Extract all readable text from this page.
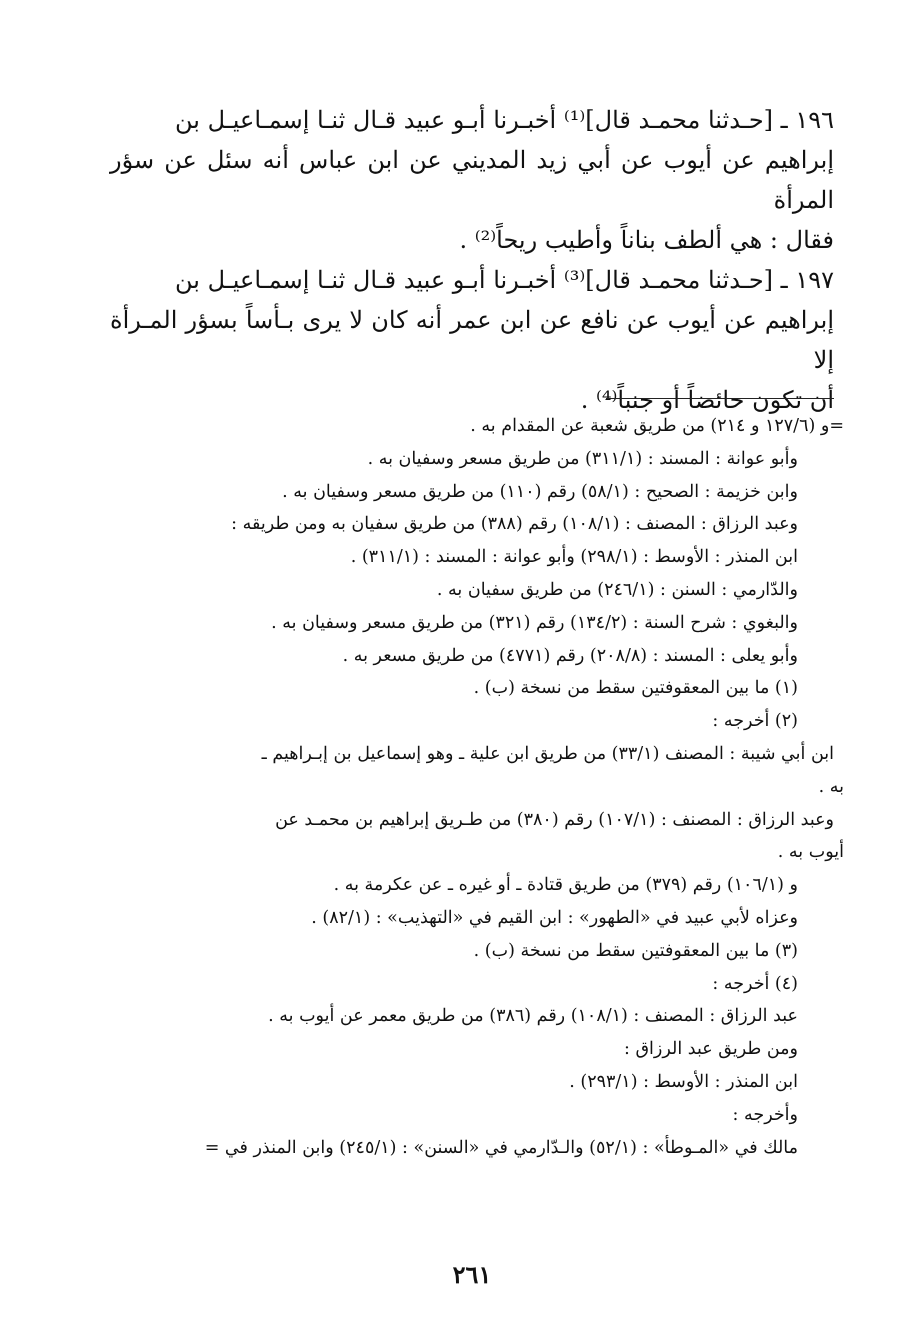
١٩٦ ـ [حـدثنا محمـد قال]⁽¹⁾ أخبـرنا أبـو عبيد قـال ثنـا إسمـاعيـل بن
إبراهيم عن أيوب عن أبي زيد المديني عن ابن عباس أنه سئل عن سؤر المرأة
فقال : هي ألطف بناناً وأطيب ريحاً⁽²⁾ .
١٩٧ ـ [حـدثنا محمـد قال]⁽³⁾ أخبـرنا أبـو عبيد قـال ثنـا إسمـاعيـل بن
إبراهيم عن أيوب عن نافع عن ابن عمر أنه كان لا يرى بـأساً بسؤر المـرأة إلا
أن تكون حائضاً أو جنباً⁽⁴⁾ .
=و (١٢٧/٦ و ٢١٤) من طريق شعبة عن المقدام به .
وأبو عوانة : المسند : (٣١١/١) من طريق مسعر وسفيان به .
وابن خزيمة : الصحيح : (٥٨/١) رقم (١١٠) من طريق مسعر وسفيان به .
وعبد الرزاق : المصنف : (١٠٨/١) رقم (٣٨٨) من طريق سفيان به ومن طريقه :
ابن المنذر : الأوسط : (٢٩٨/١) وأبو عوانة : المسند : (٣١١/١) .
والدّارمي : السنن : (٢٤٦/١) من طريق سفيان به .
والبغوي : شرح السنة : (١٣٤/٢) رقم (٣٢١) من طريق مسعر وسفيان به .
وأبو يعلى : المسند : (٢٠٨/٨) رقم (٤٧٧١) من طريق مسعر به .
(١) ما بين المعقوفتين سقط من نسخة (ب) .
(٢) أخرجه :
ابن أبي شيبة : المصنف (٣٣/١) من طريق ابن علية ـ وهو إسماعيل بن إبـراهيم ـ
به .
وعبد الرزاق : المصنف : (١٠٧/١) رقم (٣٨٠) من طـريق إبراهيم بن محمـد عن
أيوب به .
و (١٠٦/١) رقم (٣٧٩) من طريق قتادة ـ أو غيره ـ عن عكرمة به .
وعزاه لأبي عبيد في «الطهور» : ابن القيم في «التهذيب» : (٨٢/١) .
(٣) ما بين المعقوفتين سقط من نسخة (ب) .
(٤) أخرجه :
عبد الرزاق : المصنف : (١٠٨/١) رقم (٣٨٦) من طريق معمر عن أيوب به .
ومن طريق عبد الرزاق :
ابن المنذر : الأوسط : (٢٩٣/١) .
وأخرجه :
مالك في «المـوطأ» : (٥٢/١) والـدّارمي في «السنن» : (٢٤٥/١) وابن المنذر في =
٢٦١
